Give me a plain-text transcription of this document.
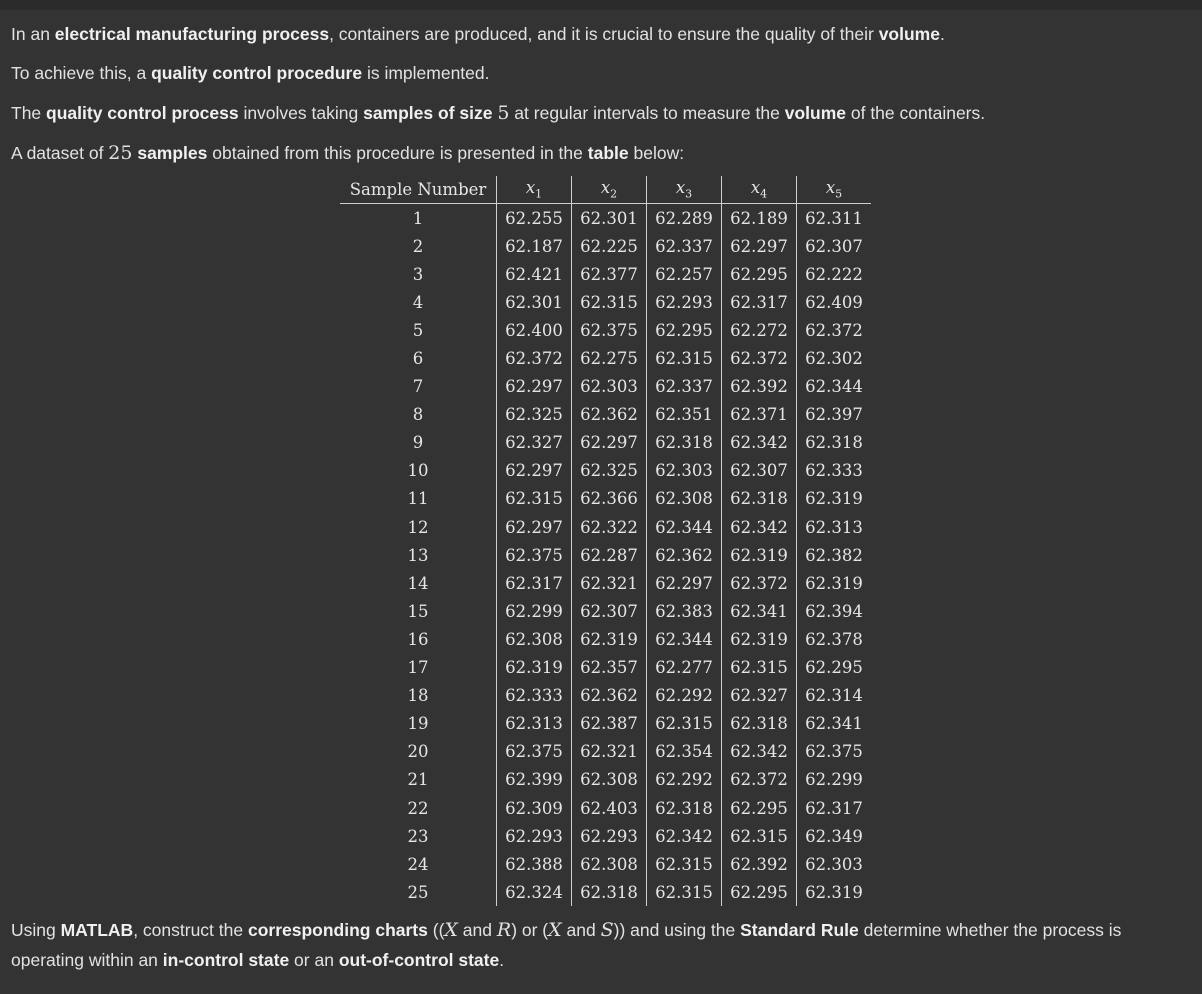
In an electrical manufacturing process, containers are produced, and it is crucial to ensure the quality of their volume.
To achieve this, a quality control procedure is implemented.
The quality control process involves taking samples of size 5 at regular intervals to measure the volume of the containers.
A dataset of 25 samples obtained from this procedure is presented in the table below:
Sample Number	$x_1$	$x_2$	$x_3$	$x_4$	$x_5$
1	62.255	62.301	62.289	62.189	62.311
2	62.187	62.225	62.337	62.297	62.307
3	62.421	62.377	62.257	62.295	62.222
4	62.301	62.315	62.293	62.317	62.409
5	62.400	62.375	62.295	62.272	62.372
6	62.372	62.275	62.315	62.372	62.302
7	62.297	62.303	62.337	62.392	62.344
8	62.325	62.362	62.351	62.371	62.397
9	62.327	62.297	62.318	62.342	62.318
10	62.297	62.325	62.303	62.307	62.333
11	62.315	62.366	62.308	62.318	62.319
12	62.297	62.322	62.344	62.342	62.313
13	62.375	62.287	62.362	62.319	62.382
14	62.317	62.321	62.297	62.372	62.319
15	62.299	62.307	62.383	62.341	62.394
16	62.308	62.319	62.344	62.319	62.378
17	62.319	62.357	62.277	62.315	62.295
18	62.333	62.362	62.292	62.327	62.314
19	62.313	62.387	62.315	62.318	62.341
20	62.375	62.321	62.354	62.342	62.375
21	62.399	62.308	62.292	62.372	62.299
22	62.309	62.403	62.318	62.295	62.317
23	62.293	62.293	62.342	62.315	62.349
24	62.388	62.308	62.315	62.392	62.303
25	62.324	62.318	62.315	62.295	62.319
Using MATLAB, construct the corresponding charts ((X and R) or (X and S)) and using the Standard Rule determine whether the process is
operating within an in-control state or an out-of-control state.
